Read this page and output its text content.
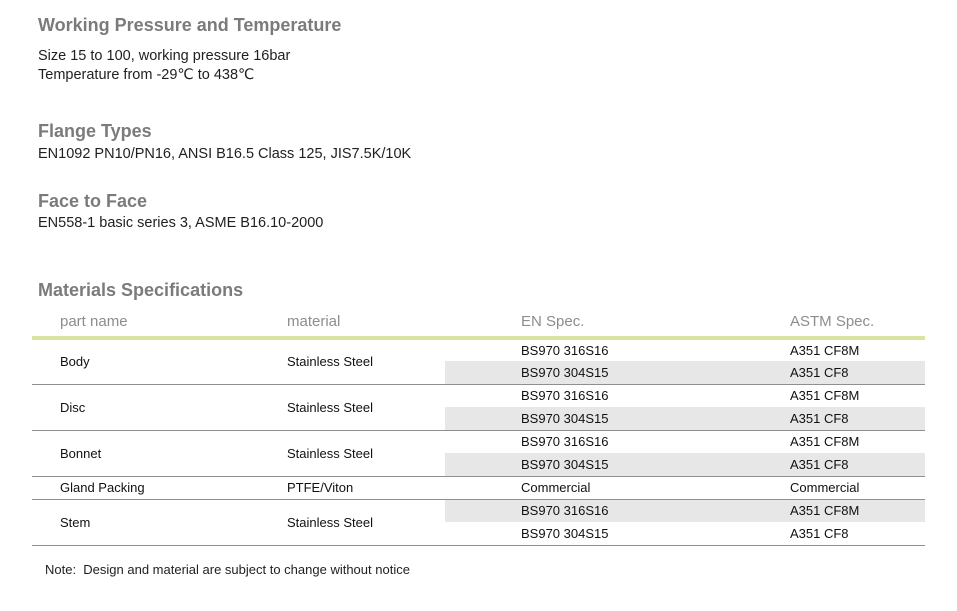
Working Pressure and Temperature
Size 15 to 100, working pressure 16bar
Temperature from -29℃ to 438℃
Flange Types
EN1092 PN10/PN16, ANSI B16.5 Class 125, JIS7.5K/10K
Face to Face
EN558-1 basic series 3, ASME B16.10-2000
Materials Specifications
part name	material	EN Spec.	ASTM Spec.
Body	Stainless Steel	BS970 316S16	A351 CF8M
		BS970 304S15	A351 CF8
Disc	Stainless Steel	BS970 316S16	A351 CF8M
		BS970 304S15	A351 CF8
Bonnet	Stainless Steel	BS970 316S16	A351 CF8M
		BS970 304S15	A351 CF8
Gland Packing	PTFE/Viton	Commercial	Commercial
Stem	Stainless Steel	BS970 316S16	A351 CF8M
		BS970 304S15	A351 CF8

Note:  Design and material are subject to change without notice
